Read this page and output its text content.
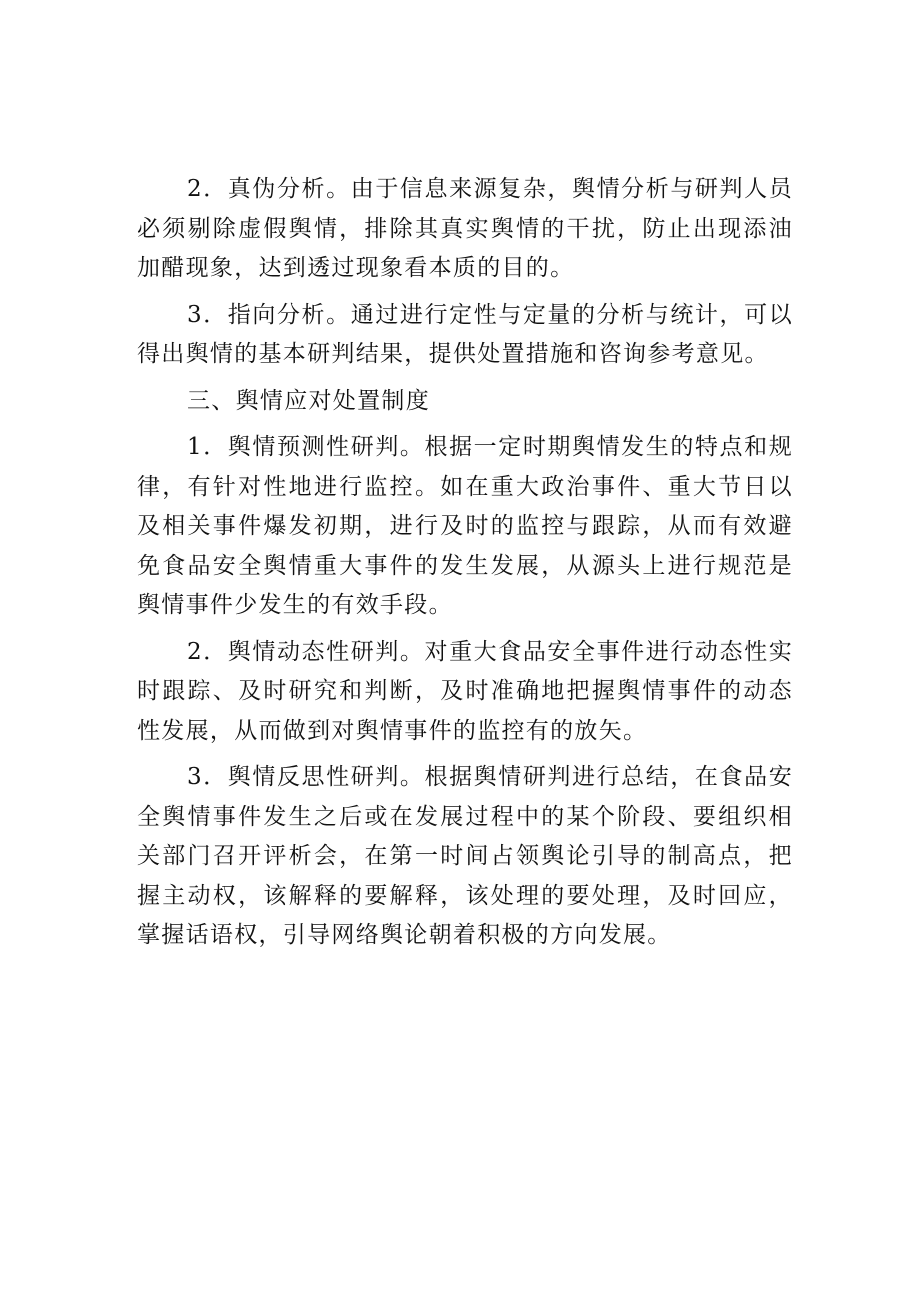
2．真伪分析。由于信息来源复杂，舆情分析与研判人员必须剔除虚假舆情，排除其真实舆情的干扰，防止出现添油加醋现象，达到透过现象看本质的目的。

3．指向分析。通过进行定性与定量的分析与统计，可以得出舆情的基本研判结果，提供处置措施和咨询参考意见。

三、舆情应对处置制度

1．舆情预测性研判。根据一定时期舆情发生的特点和规律，有针对性地进行监控。如在重大政治事件、重大节日以及相关事件爆发初期，进行及时的监控与跟踪，从而有效避免食品安全舆情重大事件的发生发展，从源头上进行规范是舆情事件少发生的有效手段。

2．舆情动态性研判。对重大食品安全事件进行动态性实时跟踪、及时研究和判断，及时准确地把握舆情事件的动态性发展，从而做到对舆情事件的监控有的放矢。

3．舆情反思性研判。根据舆情研判进行总结，在食品安全舆情事件发生之后或在发展过程中的某个阶段、要组织相关部门召开评析会，在第一时间占领舆论引导的制高点，把握主动权，该解释的要解释，该处理的要处理，及时回应，掌握话语权，引导网络舆论朝着积极的方向发展。
